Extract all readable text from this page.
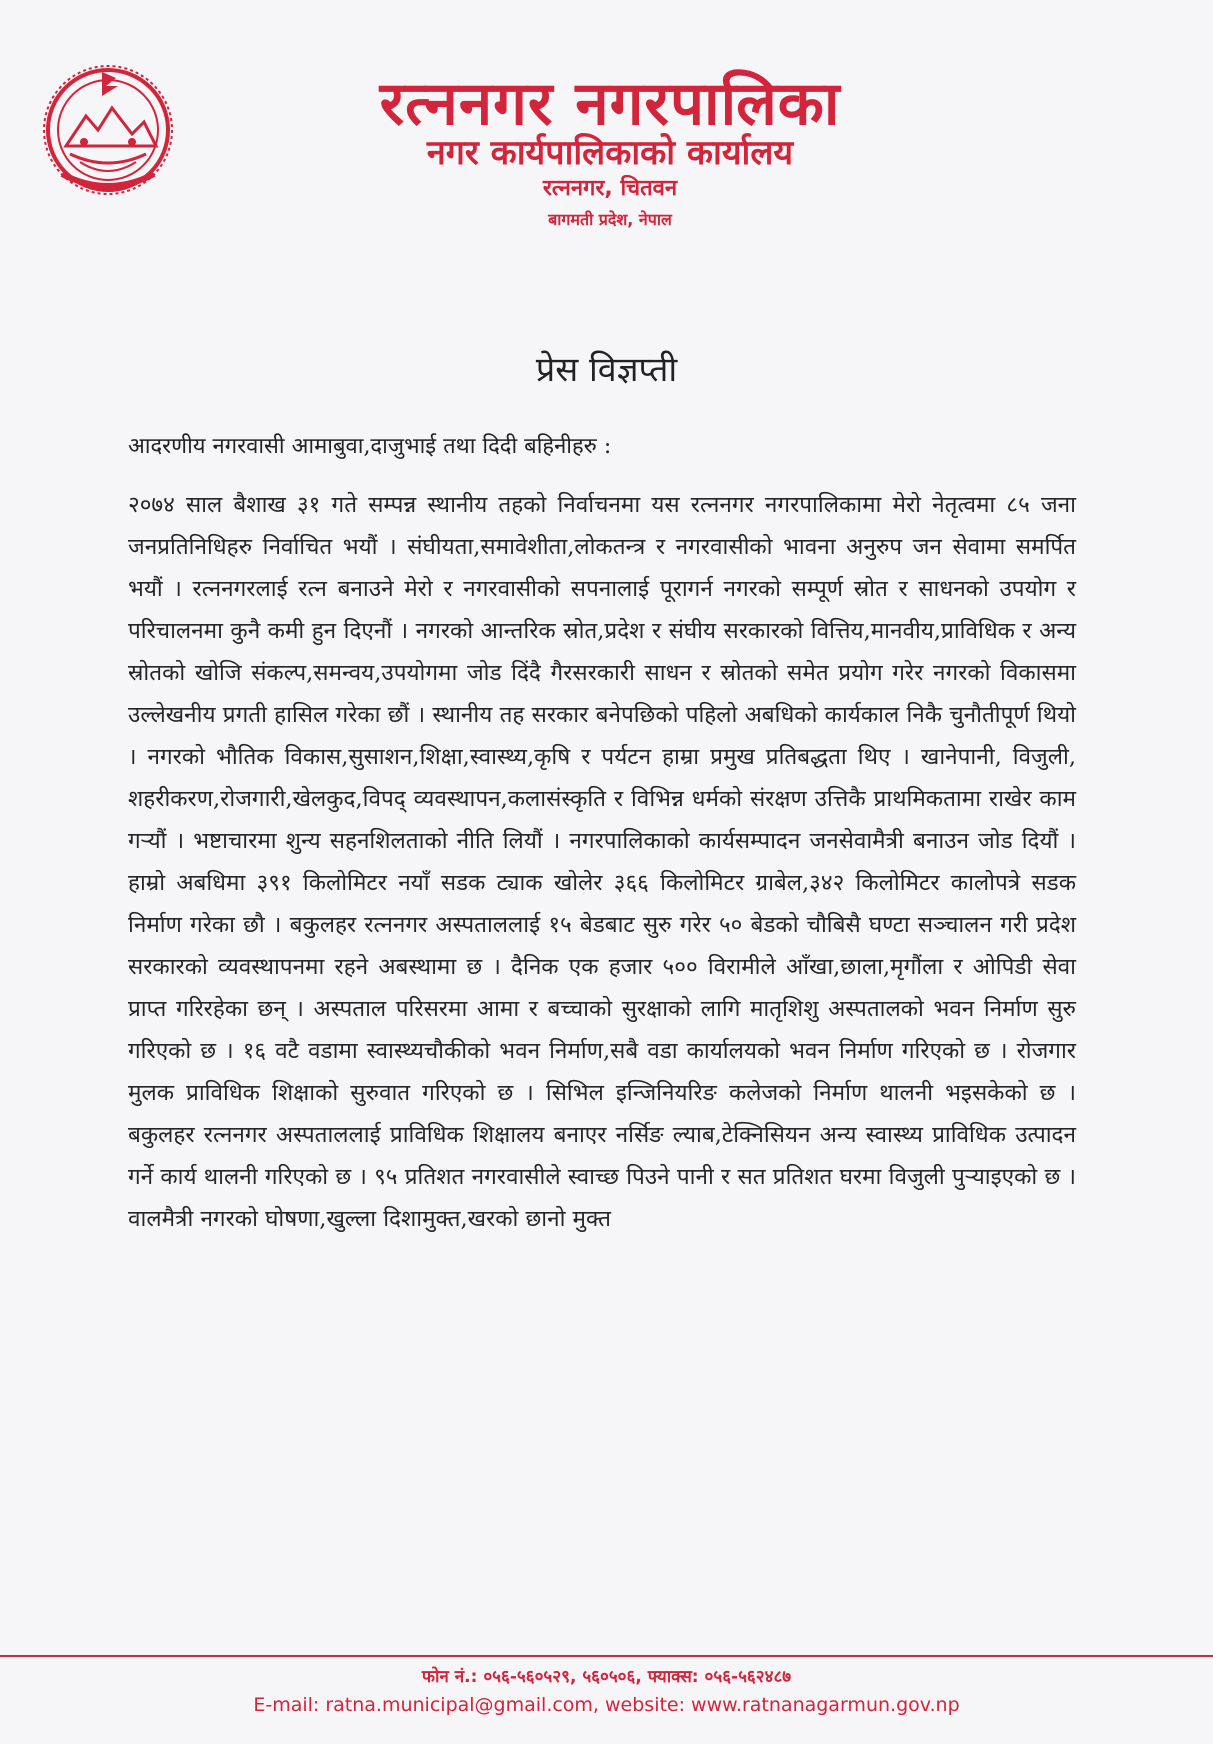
रत्ननगर नगरपालिका
नगर कार्यपालिकाको कार्यालय
रत्ननगर, चितवन
बागमती प्रदेश, नेपाल
प्रेस विज्ञप्ती
आदरणीय नगरवासी आमाबुवा,दाजुभाई तथा दिदी बहिनीहरु :
२०७४ साल बैशाख ३१ गते सम्पन्न स्थानीय तहको निर्वाचनमा यस रत्ननगर नगरपालिकामा मेरो नेतृत्वमा ८५ जना जनप्रतिनिधिहरु निर्वाचित भयौं । संघीयता,समावेशीता,लोकतन्त्र र नगरवासीको भावना अनुरुप जन सेवामा समर्पित भयौं । रत्ननगरलाई रत्न बनाउने मेरो र नगरवासीको सपनालाई पूरागर्न नगरको सम्पूर्ण स्रोत र साधनको उपयोग र परिचालनमा कुनै कमी हुन दिएनौं । नगरको आन्तरिक स्रोत,प्रदेश र संघीय सरकारको वित्तिय,मानवीय,प्राविधिक र अन्य स्रोतको खोजि संकल्प,समन्वय,उपयोगमा जोड दिंदै गैरसरकारी साधन र स्रोतको समेत प्रयोग गरेर नगरको विकासमा उल्लेखनीय प्रगती हासिल गरेका छौं । स्थानीय तह सरकार बनेपछिको पहिलो अबधिको कार्यकाल निकै चुनौतीपूर्ण थियो । नगरको भौतिक विकास,सुसाशन,शिक्षा,स्वास्थ्य,कृषि र पर्यटन हाम्रा प्रमुख प्रतिबद्धता थिए । खानेपानी, विजुली, शहरीकरण,रोजगारी,खेलकुद,विपद् व्यवस्थापन,कलासंस्कृति र विभिन्न धर्मको संरक्षण उत्तिकै प्राथमिकतामा राखेर काम गऱ्यौं । भष्टाचारमा शुन्य सहनशिलताको नीति लियौं । नगरपालिकाको कार्यसम्पादन जनसेवामैत्री बनाउन जोड दियौं । हाम्रो अबधिमा ३९१ किलोमिटर नयाँ सडक ट्याक खोलेर ३६६ किलोमिटर ग्राबेल,३४२ किलोमिटर कालोपत्रे सडक निर्माण गरेका छौ । बकुलहर रत्ननगर अस्पताललाई १५ बेडबाट सुरु गरेर ५० बेडको चौबिसै घण्टा सञ्चालन गरी प्रदेश सरकारको व्यवस्थापनमा रहने अबस्थामा छ । दैनिक एक हजार ५०० विरामीले आँखा,छाला,मृगौंला र ओपिडी सेवा प्राप्त गरिरहेका छन् । अस्पताल परिसरमा आमा र बच्चाको सुरक्षाको लागि मातृशिशु अस्पतालको भवन निर्माण सुरु गरिएको छ । १६ वटै वडामा स्वास्थ्यचौकीको भवन निर्माण,सबै वडा कार्यालयको भवन निर्माण गरिएको छ । रोजगार मुलक प्राविधिक शिक्षाको सुरुवात गरिएको छ । सिभिल इन्जिनियरिङ कलेजको निर्माण थालनी भइसकेको छ । बकुलहर रत्ननगर अस्पताललाई प्राविधिक शिक्षालय बनाएर नर्सिङ ल्याब,टेक्निसियन अन्य स्वास्थ्य प्राविधिक उत्पादन गर्ने कार्य थालनी गरिएको छ । ९५ प्रतिशत नगरवासीले स्वाच्छ पिउने पानी र सत प्रतिशत घरमा विजुली पुऱ्याइएको छ । वालमैत्री नगरको घोषणा,खुल्ला दिशामुक्त,खरको छानो मुक्त
फोन नं.: ०५६-५६०५२९, ५६०५०६, फ्याक्स: ०५६-५६२४८७
E-mail: ratna.municipal@gmail.com, website: www.ratnanagarmun.gov.np
